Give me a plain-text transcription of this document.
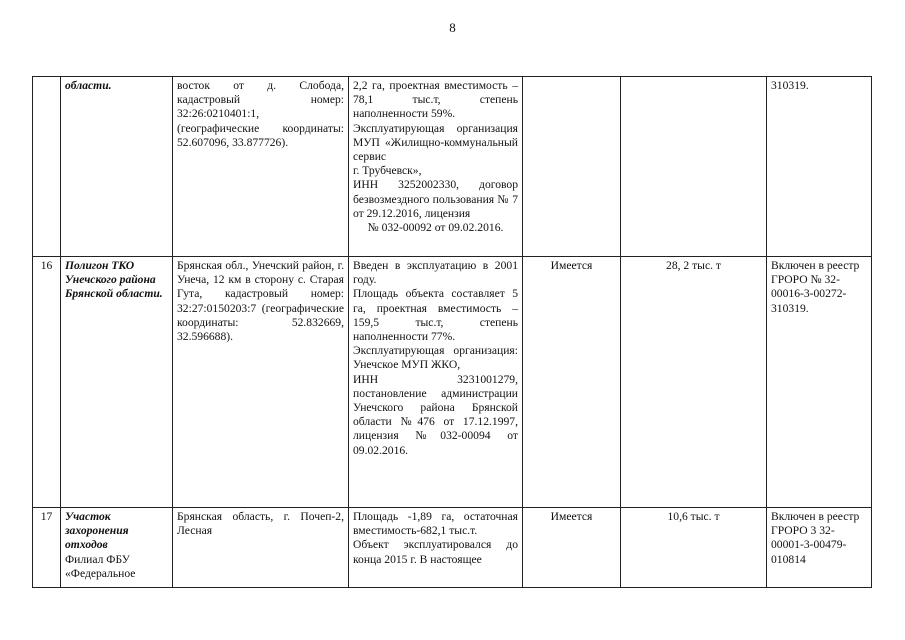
8

	области.	восток от д. Слобода, кадастровый номер: 32:26:0210401:1, (географические координаты: 52.607096, 33.877726).	2,2 га, проектная вместимость – 78,1 тыс.т, степень наполненности 59%.
Эксплуатирующая организация МУП «Жилищно-коммунальный сервис
г. Трубчевск»,
ИНН 3252002330, договор безвозмездного пользования № 7 от 29.12.2016, лицензия
№ 032-00092 от 09.02.2016.			310319.
16	Полигон ТКО Унечского района Брянской области.	Брянская обл., Унечский район, г. Унеча, 12 км в сторону с. Старая Гута, кадастровый номер: 32:27:0150203:7 (географические координаты: 52.832669, 32.596688).	Введен в эксплуатацию в 2001 году.
Площадь объекта составляет 5 га, проектная вместимость – 159,5 тыс.т, степень наполненности 77%.
Эксплуатирующая организация: Унечское МУП ЖКО,
ИНН 3231001279, постановление администрации Унечского района Брянской области №476 от 17.12.1997, лицензия №032-00094 от 09.02.2016.	Имеется	28, 2 тыс. т	Включен в реестр ГРОРО № 32-00016-3-00272-310319.
17	Участок захоронения отходов
Филиал ФБУ «Федеральное	Брянская область, г. Почеп-2, Лесная	Площадь -1,89 га, остаточная вместимость-682,1 тыс.т.
Объект эксплуатировался до конца 2015 г. В настоящее	Имеется	10,6 тыс. т	Включен в реестр ГРОРО 3 32-00001-3-00479-010814
